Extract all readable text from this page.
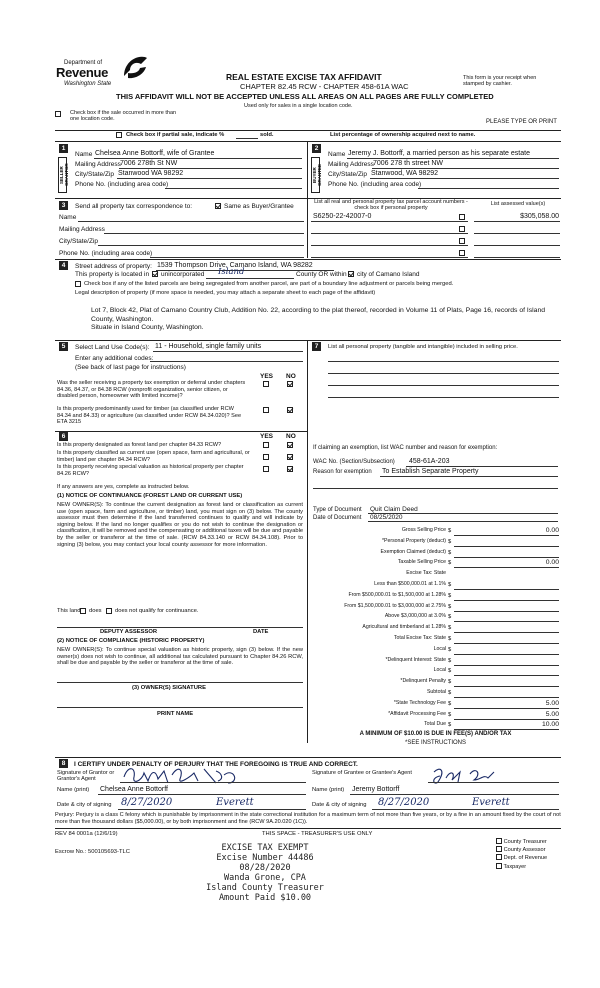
Department of
Revenue
Washington State
REAL ESTATE EXCISE TAX AFFIDAVIT
CHAPTER 82.45 RCW - CHAPTER 458-61A WAC
THIS AFFIDAVIT WILL NOT BE ACCEPTED UNLESS ALL AREAS ON ALL PAGES ARE FULLY COMPLETED
This form is your receipt when stamped by cashier.
Used only for sales in a single location code.
Check box if the sale occurred in more than one location code.	PLEASE TYPE OR PRINT
Check box if partial sale, indicate %	sold.	List percentage of ownership acquired next to name.
1
SELLER GRANTOR
Name Chelsea Anne Bottorff, wife of Grantee
Mailing Address 7006 278th St NW
City/State/Zip Stanwood WA 98292
Phone No. (including area code)
2
BUYER GRANTEE
Name Jeremy J. Bottorff, a married person as his separate estate
Mailing Address 7006 278 th street NW
City/State/Zip Stanwood, WA 98292
Phone No. (including area code)
3	Send all property tax correspondence to:	Same as Buyer/Grantee
Name
Mailing Address
City/State/Zip
Phone No. (including area code)
List all real and personal property tax parcel account numbers - check box if personal property
List assessed value(s)
S6250-22-42007-0	$305,058.00
4	Street address of property: 1539 Thompson Drive, Camano Island, WA 98282
This property is located in unincorporated Island	County OR within city of Camano Island
Check box if any of the listed parcels are being segregated from another parcel, are part of a boundary line adjustment or parcels being merged.
Legal description of property (if more space is needed, you may attach a separate sheet to each page of the affidavit)
Lot 7, Block 42, Plat of Camano Country Club, Addition No. 22, according to the plat thereof, recorded in Volume 11 of Plats, Page 16, records of Island County, Washington.
Situate in Island County, Washington.
5	Select Land Use Code(s): 11 - Household, single family units
Enter any additional codes:
(See back of last page for instructions)
YES NO
Was the seller receiving a property tax exemption or deferral under chapters 84.36, 84.37, or 84.38 RCW (nonprofit organization, senior citizen, or disabled person, homeowner with limited income)?
Is this property predominantly used for timber (as classified under RCW 84.34 and 84.33) or agriculture (as classified under RCW 84.34.020)? See ETA 3215
6	YES NO
Is this property designated as forest land per chapter 84.33 RCW?
Is this property classified as current use (open space, farm and agricultural, or timber) land per chapter 84.34 RCW?
Is this property receiving special valuation as historical property per chapter 84.26 RCW?
If any answers are yes, complete as instructed below.
(1) NOTICE OF CONTINUANCE (FOREST LAND OR CURRENT USE)
NEW OWNER(S): To continue the current designation as forest land or classification as current use (open space, farm and agriculture, or timber) land, you must sign on (3) below. The county assessor must then determine if the land transferred continues to qualify and will indicate by signing below. If the land no longer qualifies or you do not wish to continue the designation or classification, it will be removed and the compensating or additional taxes will be due and payable by the seller or transferor at the time of sale. (RCW 84.33.140 or RCW 84.34.108). Prior to signing (3) below, you may contact your local county assessor for more information.
This land does does not qualify for continuance.
DEPUTY ASSESSOR	DATE
(2) NOTICE OF COMPLIANCE (HISTORIC PROPERTY)
NEW OWNER(S): To continue special valuation as historic property, sign (3) below. If the new owner(s) does not wish to continue, all additional tax calculated pursuant to Chapter 84.26 RCW, shall be due and payable by the seller or transferor at the time of sale.
(3) OWNER(S) SIGNATURE
PRINT NAME
7	List all personal property (tangible and intangible) included in selling price.
If claiming an exemption, list WAC number and reason for exemption:
WAC No. (Section/Subsection) 458-61A-203
Reason for exemption To Establish Separate Property
Type of Document Quit Claim Deed
Date of Document 08/25/2020
Gross Selling Price $	0.00
*Personal Property (deduct) $
Exemption Claimed (deduct) $
Taxable Selling Price $	0.00
Excise Tax: State
Less than $500,000.01 at 1.1% $
From $500,000.01 to $1,500,000 at 1.28% $
From $1,500,000.01 to $3,000,000 at 2.75% $
Above $3,000,000 at 3.0% $
Agricultural and timberland at 1.28% $
Total Excise Tax: State $
Local $
*Delinquent Interest: State $
Local $
*Delinquent Penalty $
Subtotal $
*State Technology Fee $	5.00
*Affidavit Processing Fee $	5.00
Total Due $	10.00
A MINIMUM OF $10.00 IS DUE IN FEE(S) AND/OR TAX
*SEE INSTRUCTIONS
8	I CERTIFY UNDER PENALTY OF PERJURY THAT THE FOREGOING IS TRUE AND CORRECT.
Signature of Grantor or Grantor's Agent
Name (print) Chelsea Anne Bottorff
Date & city of signing 8/27/2020	Everett
Signature of Grantee or Grantee's Agent
Name (print) Jeremy Bottorff
Date & city of signing 8/27/2020	Everett
Perjury: Perjury is a class C felony which is punishable by imprisonment in the state correctional institution for a maximum term of not more than five years, or by a fine in an amount fixed by the court of not more than five thousand dollars ($5,000.00), or by both imprisonment and fine (RCW 9A.20.020 (1C)).
REV 84 0001a (12/6/19)	THIS SPACE - TREASURER'S USE ONLY
Escrow No.: 500105693-TLC
County Treasurer
County Assessor
Dept. of Revenue
Taxpayer
EXCISE TAX EXEMPT
Excise Number 44486
08/28/2020
Wanda Grone, CPA
Island County Treasurer
Amount Paid $10.00
